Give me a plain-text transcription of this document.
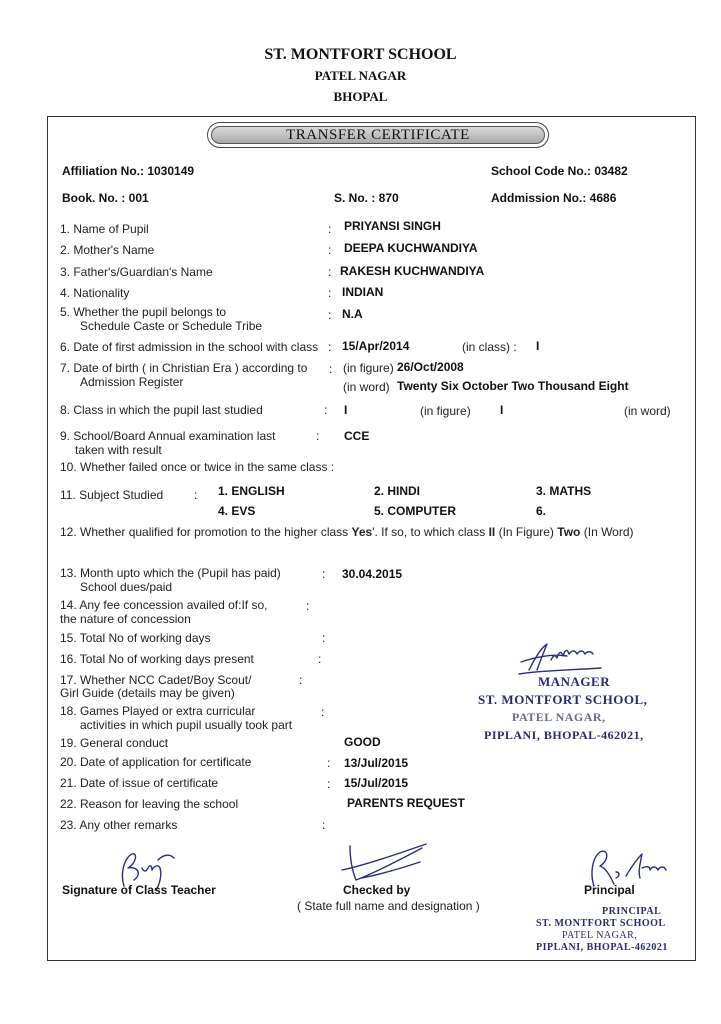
ST. MONTFORT SCHOOL
PATEL NAGAR
BHOPAL
TRANSFER CERTIFICATE
Affiliation No.: 1030149	School Code No.: 03482
Book. No. : 001	S. No. : 870	Addmission No.: 4686
1. Name of Pupil	: PRIYANSI SINGH
2. Mother's Name	: DEEPA KUCHWANDIYA
3. Father's/Guardian's Name	: RAKESH KUCHWANDIYA
4. Nationality	: INDIAN
5. Whether the pupil belongs to
Schedule Caste or Schedule Tribe
: N.A
6. Date of first admission in the school with class : 15/Apr/2014	(in class) : I
7. Date of birth ( in Christian Era ) according to
Admission Register
: (in figure) 26/Oct/2008
(in word) Twenty Six October Two Thousand Eight
8. Class in which the pupil last studied	: I	(in figure) I	(in word)
9. School/Board Annual examination last
taken with result
: CCE
10. Whether failed once or twice in the same class :
11. Subject Studied	: 1. ENGLISH	2. HINDI	3. MATHS
4. EVS	5. COMPUTER	6.
12. Whether qualified for promotion to the higher class Yes'. If so, to which class II (In Figure) Two (In Word)
13. Month upto which the (Pupil has paid)
School dues/paid
: 30.04.2015
14. Any fee concession availed of:If so,
the nature of concession
:
15. Total No of working days	:
16. Total No of working days present	:
17. Whether NCC Cadet/Boy Scout/
Girl Guide (details may be given)
:
18. Games Played or extra curricular
activities in which pupil usually took part
:
19. General conduct	GOOD
20. Date of application for certificate	: 13/Jul/2015
21. Date of issue of certificate	: 15/Jul/2015
22. Reason for leaving the school	PARENTS REQUEST
23. Any other remarks	:
MANAGER
ST. MONTFORT SCHOOL,
PATEL NAGAR,
PIPLANI, BHOPAL-462021,
Signature of Class Teacher	Checked by
( State full name and designation )
Principal
PRINCIPAL
ST. MONTFORT SCHOOL
PATEL NAGAR,
PIPLANI, BHOPAL-462021
